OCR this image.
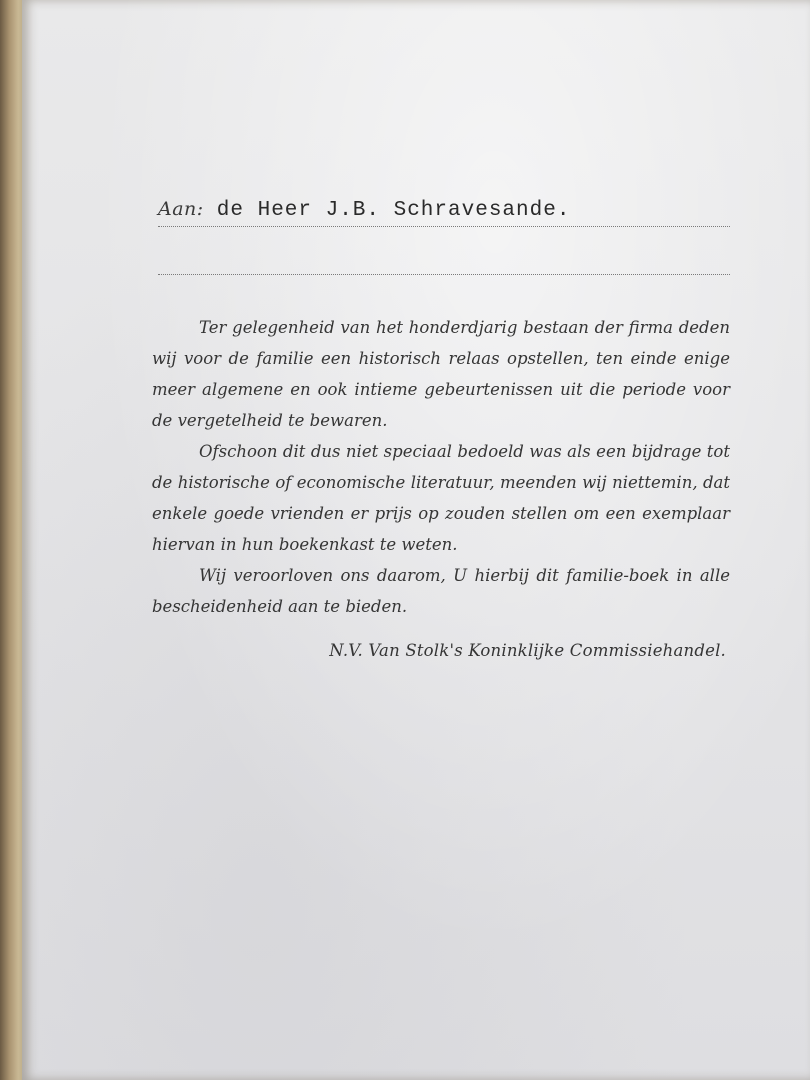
Aan: de Heer J.B. Schravesande.

Ter gelegenheid van het honderdjarig bestaan der firma deden wij voor de familie een historisch relaas opstellen, ten einde enige meer algemene en ook intieme gebeurtenissen uit die periode voor de vergetelheid te bewaren.

Ofschoon dit dus niet speciaal bedoeld was als een bijdrage tot de historische of economische literatuur, meenden wij niettemin, dat enkele goede vrienden er prijs op zouden stellen om een exemplaar hiervan in hun boekenkast te weten.

Wij veroorloven ons daarom, U hierbij dit familie-boek in alle bescheidenheid aan te bieden.

N.V. Van Stolk's Koninklijke Commissiehandel.
